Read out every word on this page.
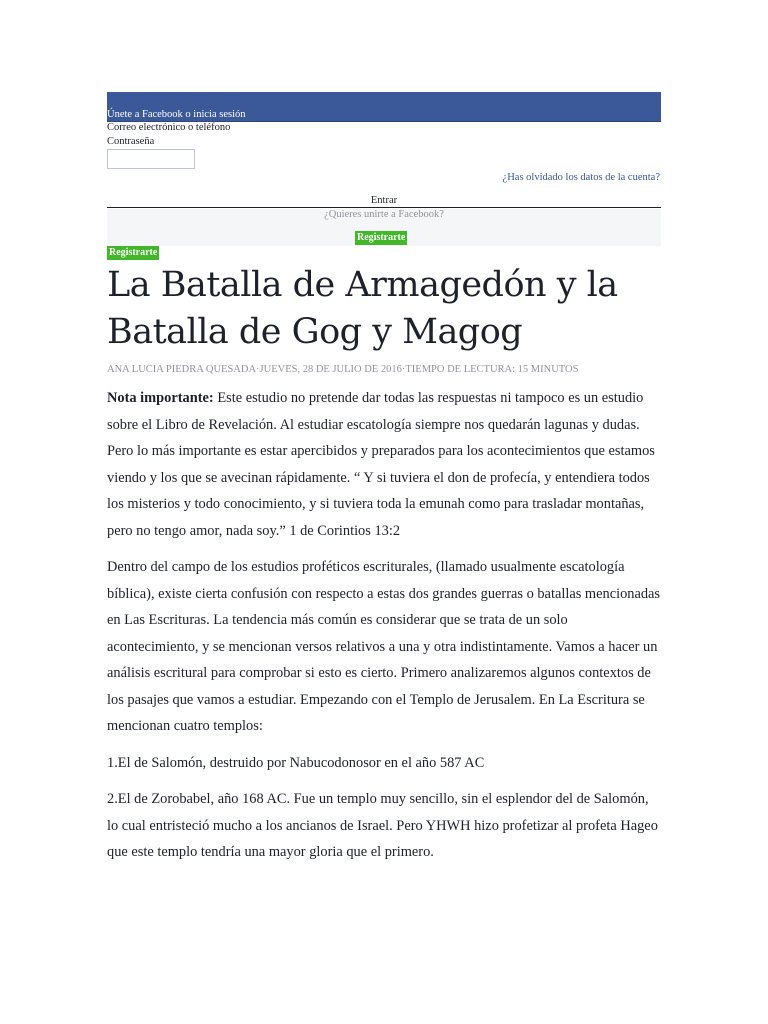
Únete a Facebook o inicia sesión
Correo electrónico o teléfono
Contraseña
¿Has olvidado los datos de la cuenta?
Entrar
¿Quieres unirte a Facebook?
Registrarte
Registrarte
La Batalla de Armagedón y la Batalla de Gog y Magog
ANA LUCIA PIEDRA QUESADA·JUEVES, 28 DE JULIO DE 2016·TIEMPO DE LECTURA: 15 MINUTOS

Nota importante: Este estudio no pretende dar todas las respuestas ni tampoco es un estudio sobre el Libro de Revelación. Al estudiar escatología siempre nos quedarán lagunas y dudas. Pero lo más importante es estar apercibidos y preparados para los acontecimientos que estamos viendo y los que se avecinan rápidamente. “ Y si tuviera el don de profecía, y entendiera todos los misterios y todo conocimiento, y si tuviera toda la emunah como para trasladar montañas, pero no tengo amor, nada soy.” 1 de Corintios 13:2

Dentro del campo de los estudios proféticos escriturales, (llamado usualmente escatología bíblica), existe cierta confusión con respecto a estas dos grandes guerras o batallas mencionadas en Las Escrituras. La tendencia más común es considerar que se trata de un solo acontecimiento, y se mencionan versos relativos a una y otra indistintamente. Vamos a hacer un análisis escritural para comprobar si esto es cierto. Primero analizaremos algunos contextos de los pasajes que vamos a estudiar. Empezando con el Templo de Jerusalem. En La Escritura se mencionan cuatro templos:

1.El de Salomón, destruido por Nabucodonosor en el año 587 AC

2.El de Zorobabel, año 168 AC. Fue un templo muy sencillo, sin el esplendor del de Salomón, lo cual entristeció mucho a los ancianos de Israel. Pero YHWH hizo profetizar al profeta Hageo que este templo tendría una mayor gloria que el primero.
